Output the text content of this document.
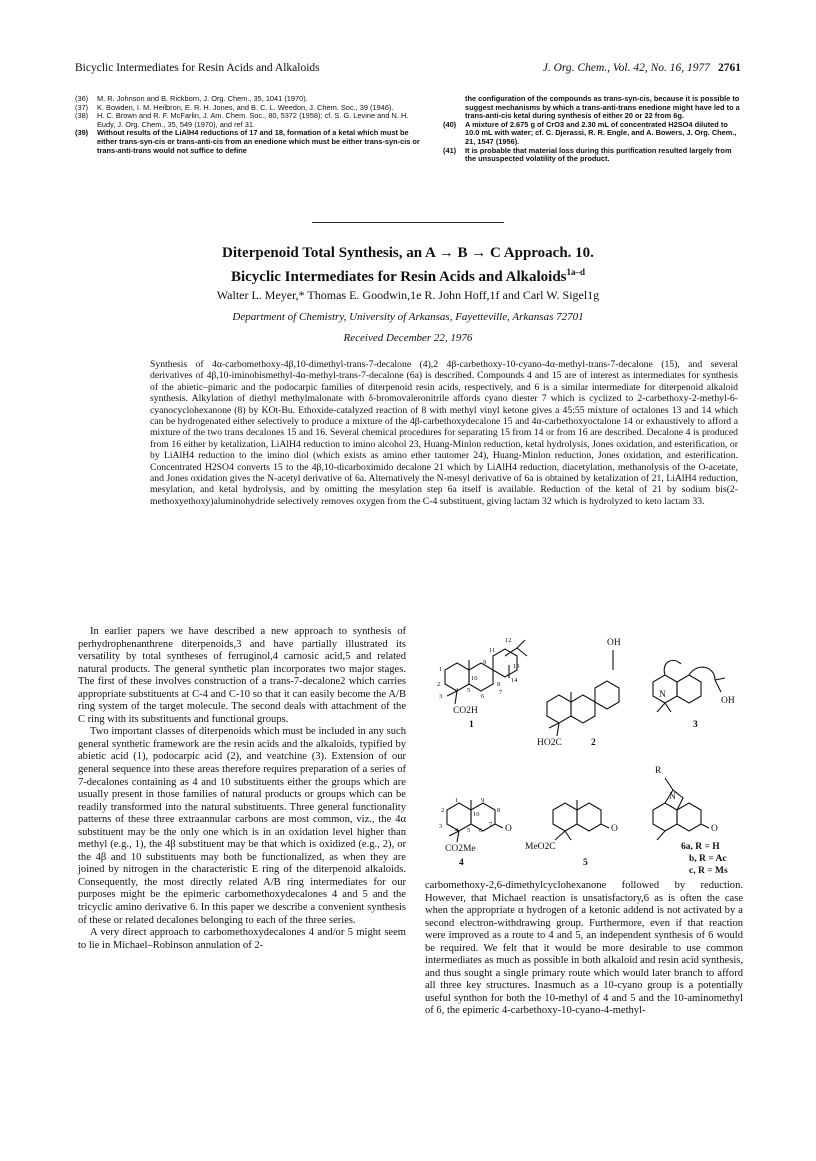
Bicyclic Intermediates for Resin Acids and Alkaloids	J. Org. Chem., Vol. 42, No. 16, 1977 2761

(36) M. R. Johnson and B. Rickborn, J. Org. Chem., 35, 1041 (1970).

(37) K. Bowden, I. M. Heilbron, E. R. H. Jones, and B. C. L. Weedon, J. Chem. Soc., 39 (1946).

(38) H. C. Brown and R. F. McFarlin, J. Am. Chem. Soc., 80, 5372 (1958); cf. S. G. Levine and N. H. Eudy, J. Org. Chem., 35, 549 (1970), and ref 31.

(39) Without results of the LiAlH4 reductions of 17 and 18, formation of a ketal which must be either trans-syn-cis or trans-anti-cis from an enedione which must be either trans-syn-cis or trans-anti-trans would not suffice to define

the configuration of the compounds as trans-syn-cis, because it is possible to suggest mechanisms by which a trans-anti-trans enedione might have led to a trans-anti-cis ketal during synthesis of either 20 or 22 from 6g.

(40) A mixture of 2.675 g of CrO3 and 2.30 mL of concentrated H2SO4 diluted to 10.0 mL with water; cf. C. Djerassi, R. R. Engle, and A. Bowers, J. Org. Chem., 21, 1547 (1956).

(41) It is probable that material loss during this purification resulted largely from the unsuspected volatility of the product.

Diterpenoid Total Synthesis, an A → B → C Approach. 10.
Bicyclic Intermediates for Resin Acids and Alkaloids$^{1a-d}$
Walter L. Meyer,* Thomas E. Goodwin,1e R. John Hoff,1f and Carl W. Sigel1g
Department of Chemistry, University of Arkansas, Fayetteville, Arkansas 72701
Received December 22, 1976
Synthesis of 4α-carbomethoxy-4β,10-dimethyl-trans-7-decalone (4),2 4β-carbethoxy-10-cyano-4α-methyl-trans-7-decalone (15), and several derivatives of 4β,10-iminobismethyl-4α-methyl-trans-7-decalone (6a) is described. Compounds 4 and 15 are of interest as intermediates for synthesis of the abietic–pimaric and the podocarpic families of diterpenoid resin acids, respectively, and 6 is a similar intermediate for diterpenoid alkaloid synthesis. Alkylation of diethyl methylmalonate with δ-bromovaleronitrile affords cyano diester 7 which is cyclized to 2-carbethoxy-2-methyl-6-cyanocyclohexanone (8) by KOt-Bu. Ethoxide-catalyzed reaction of 8 with methyl vinyl ketone gives a 45:55 mixture of octalones 13 and 14 which can be hydrogenated either selectively to produce a mixture of the 4β-carbethoxydecalone 15 and 4α-carbethoxyoctalone 14 or exhaustively to afford a mixture of the two trans decalones 15 and 16. Several chemical procedures for separating 15 from 14 or from 16 are described. Decalone 4 is produced from 16 either by ketalization, LiAlH4 reduction to imino alcohol 23, Huang-Minlon reduction, ketal hydrolysis, Jones oxidation, and esterification, or by LiAlH4 reduction to the imino diol (which exists as amino ether tautomer 24), Huang-Minlon reduction, Jones oxidation, and esterification. Concentrated H2SO4 converts 15 to the 4β,10-dicarboximido decalone 21 which by LiAlH4 reduction, diacetylation, methanolysis of the O-acetate, and Jones oxidation gives the N-acetyl derivative of 6a. Alternatively the N-mesyl derivative of 6a is obtained by ketalization of 21, LiAlH4 reduction, mesylation, and ketal hydrolysis, and by omitting the mesylation step 6a itself is available. Reduction of the ketal of 21 by sodium bis(2-methoxyethoxy)aluminohydride selectively removes oxygen from the C-4 substituent, giving lactam 32 which is hydrolyzed to keto lactam 33.

In earlier papers we have described a new approach to synthesis of perhydrophenanthrene diterpenoids,3 and have partially illustrated its versatility by total syntheses of ferruginol,4 carnosic acid,5 and related natural products. The general synthetic plan incorporates two major stages. The first of these involves construction of a trans-7-decalone2 which carries appropriate substituents at C-4 and C-10 so that it can easily become the A/B ring system of the target molecule. The second deals with attachment of the C ring with its substituents and functional groups.

Two important classes of diterpenoids which must be included in any such general synthetic framework are the resin acids and the alkaloids, typified by abietic acid (1), podocarpic acid (2), and veatchine (3). Extension of our general sequence into these areas therefore requires preparation of a series of 7-decalones containing as 4 and 10 substituents either the groups which are usually present in those families of natural products or groups which can be readily transformed into the natural substituents. Three general functionality patterns of these three extraannular carbons are most common, viz., the 4α substituent may be the only one which is in an oxidation level higher than methyl (e.g., 1), the 4β substituent may be that which is oxidized (e.g., 2), or the 4β and 10 substituents may both be functionalized, as when they are joined by nitrogen in the characteristic E ring of the diterpenoid alkaloids. Consequently, the most directly related A/B ring intermediates for our purposes might be the epimeric carbomethoxydecalones 4 and 5 and the tricyclic amino derivative 6. In this paper we describe a convenient synthesis of these or related decalones belonging to each of the three series.

A very direct approach to carbomethoxydecalones 4 and/or 5 might seem to lie in Michael–Robinson annulation of 2-

12
11
13
1
9
14
2
10
8
7
3
4 5
6
CO2H
1
OH
HO2C	2
N
OH
3
1	9
2
10
8
3
4 5 6
7 O
CO2Me
4
O
MeO2C
5
R
N
O
6a, R = H
b, R = Ac
c, R = Ms

carbomethoxy-2,6-dimethylcyclohexanone followed by reduction. However, that Michael reaction is unsatisfactory,6 as is often the case when the appropriate α hydrogen of a ketonic addend is not activated by a second electron-withdrawing group. Furthermore, even if that reaction were improved as a route to 4 and 5, an independent synthesis of 6 would be required. We felt that it would be more desirable to use common intermediates as much as possible in both alkaloid and resin acid synthesis, and thus sought a single primary route which would later branch to afford all three key structures. Inasmuch as a 10-cyano group is a potentially useful synthon for both the 10-methyl of 4 and 5 and the 10-aminomethyl of 6, the epimeric 4-carbethoxy-10-cyano-4-methyl-
